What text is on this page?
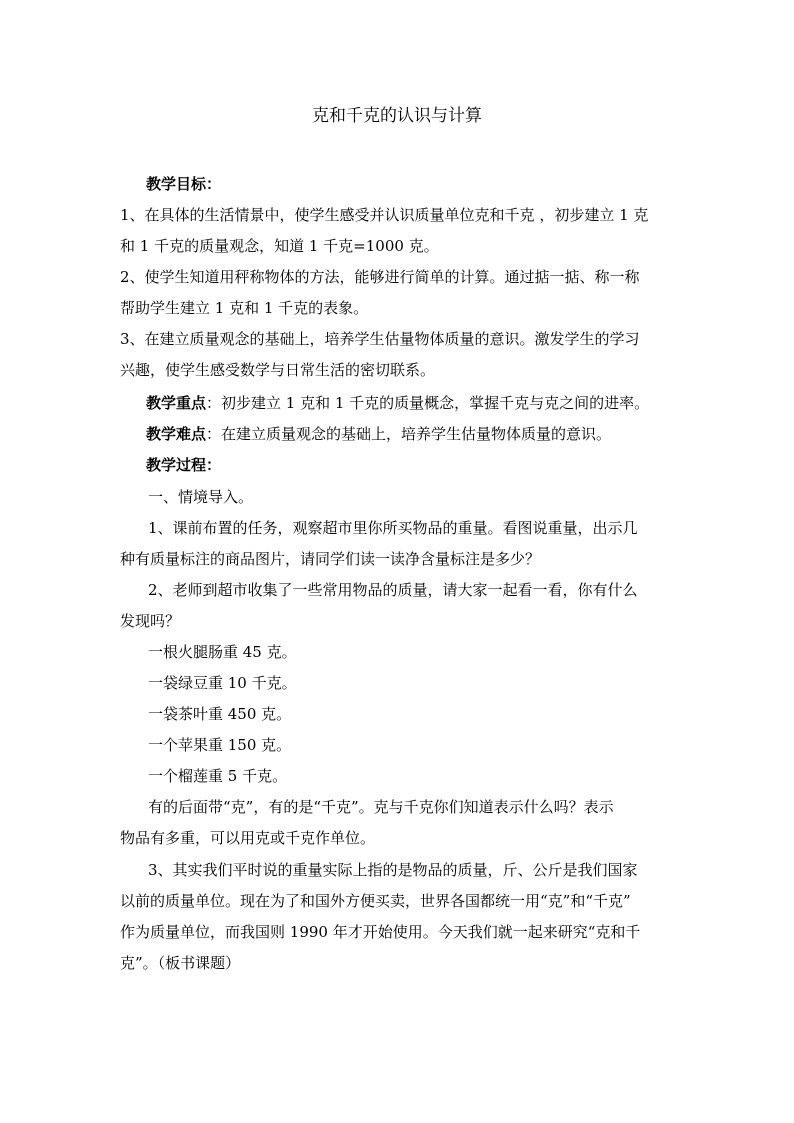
克和千克的认识与计算
教学目标：
1、在具体的生活情景中，使学生感受并认识质量单位克和千克 ，初步建立 1 克
和 1 千克的质量观念，知道 1 千克=1000 克。
2、使学生知道用秤称物体的方法，能够进行简单的计算。通过掂一掂、称一称
帮助学生建立 1 克和 1 千克的表象。
3、在建立质量观念的基础上，培养学生估量物体质量的意识。激发学生的学习
兴趣，使学生感受数学与日常生活的密切联系。
教学重点：初步建立 1 克和 1 千克的质量概念，掌握千克与克之间的进率。
教学难点：在建立质量观念的基础上，培养学生估量物体质量的意识。
教学过程：
一、情境导入。
1、课前布置的任务，观察超市里你所买物品的重量。看图说重量，出示几
种有质量标注的商品图片，请同学们读一读净含量标注是多少？
2、老师到超市收集了一些常用物品的质量，请大家一起看一看，你有什么
发现吗？
一根火腿肠重 45 克。
一袋绿豆重 10 千克。
一袋茶叶重 450 克。
一个苹果重 150 克。
一个榴莲重 5 千克。
有的后面带“克”，有的是“千克”。克与千克你们知道表示什么吗？表示
物品有多重，可以用克或千克作单位。
3、其实我们平时说的重量实际上指的是物品的质量，斤、公斤是我们国家
以前的质量单位。现在为了和国外方便买卖，世界各国都统一用“克”和“千克”
作为质量单位，而我国则 1990 年才开始使用。今天我们就一起来研究“克和千
克”。（板书课题）
